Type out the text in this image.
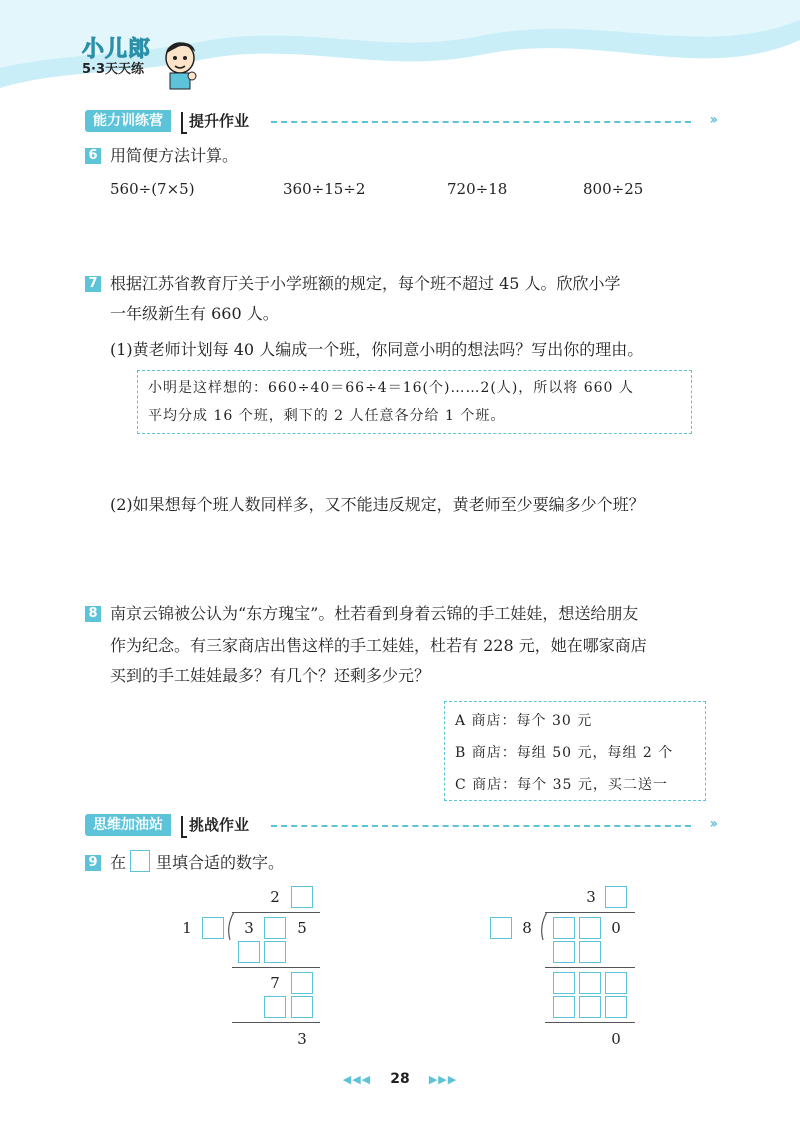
小儿郎
5·3天天练
能力训练营	提升作业	››
6 用简便方法计算。
560÷(7×5)	360÷15÷2	720÷18	800÷25
7 根据江苏省教育厅关于小学班额的规定，每个班不超过 45 人。欣欣小学
一年级新生有 660 人。
(1)黄老师计划每 40 人编成一个班，你同意小明的想法吗？写出你的理由。
小明是这样想的：660÷40＝66÷4＝16(个)……2(人)，所以将 660 人
平均分成 16 个班，剩下的 2 人任意各分给 1 个班。
(2)如果想每个班人数同样多，又不能违反规定，黄老师至少要编多少个班？
8 南京云锦被公认为“东方瑰宝”。杜若看到身着云锦的手工娃娃，想送给朋友
作为纪念。有三家商店出售这样的手工娃娃，杜若有 228 元，她在哪家商店
买到的手工娃娃最多？有几个？还剩多少元？
A 商店：每个 30 元
B 商店：每组 50 元，每组 2 个
C 商店：每个 35 元，买二送一
思维加油站	挑战作业	››
9 在 里填合适的数字。
2
1	3	5
7
3
3
8	0
0
◀◀◀ 28 ▶▶▶
